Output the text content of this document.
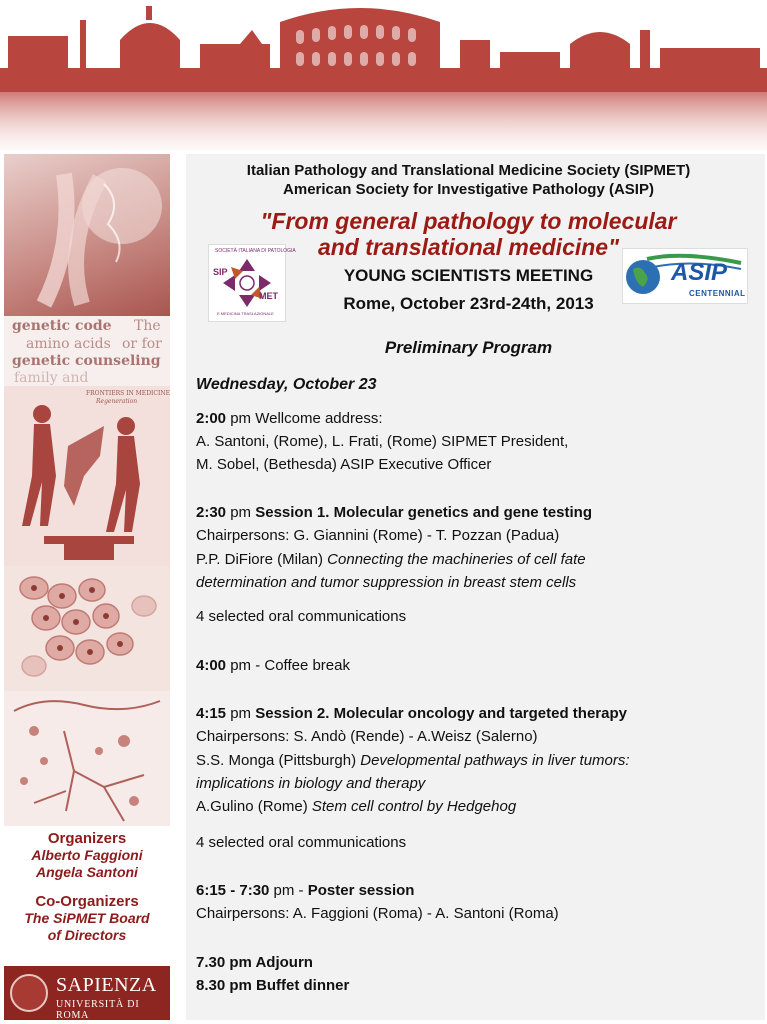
genetic code The
amino acids or for
genetic counseling
family and
FRONTIERS IN MEDICINE
Regeneration
Organizers
Alberto Faggioni
Angela Santoni
Co-Organizers
The SiPMET Board
of Directors
SAPIENZA
UNIVERSITÀ DI ROMA
Italian Pathology and Translational Medicine Society (SIPMET)
American Society for Investigative Pathology (ASIP)
"From general pathology to molecular
and translational medicine"
YOUNG SCIENTISTS MEETING
Rome, October 23rd-24th, 2013
SOCIETÀ ITALIANA DI PATOLOGIA
SIP
MET
E MEDICINA TRASLAZIONALE
ASIP
CENTENNIAL
Preliminary Program
Wednesday, October 23
2:00 pm Wellcome address:
A. Santoni, (Rome), L. Frati, (Rome) SIPMET President,
M. Sobel, (Bethesda) ASIP Executive Officer
2:30 pm Session 1. Molecular genetics and gene testing
Chairpersons: G. Giannini (Rome) - T. Pozzan (Padua)
P.P. DiFiore (Milan) Connecting the machineries of cell fate
determination and tumor suppression in breast stem cells
4 selected oral communications
4:00 pm - Coffee break
4:15 pm Session 2. Molecular oncology and targeted therapy
Chairpersons: S. Andò (Rende) - A.Weisz (Salerno)
S.S. Monga (Pittsburgh) Developmental pathways in liver tumors:
implications in biology and therapy
A.Gulino (Rome) Stem cell control by Hedgehog
4 selected oral communications
6:15 - 7:30 pm - Poster session
Chairpersons: A. Faggioni (Roma) - A. Santoni (Roma)
7.30 pm Adjourn
8.30 pm Buffet dinner
